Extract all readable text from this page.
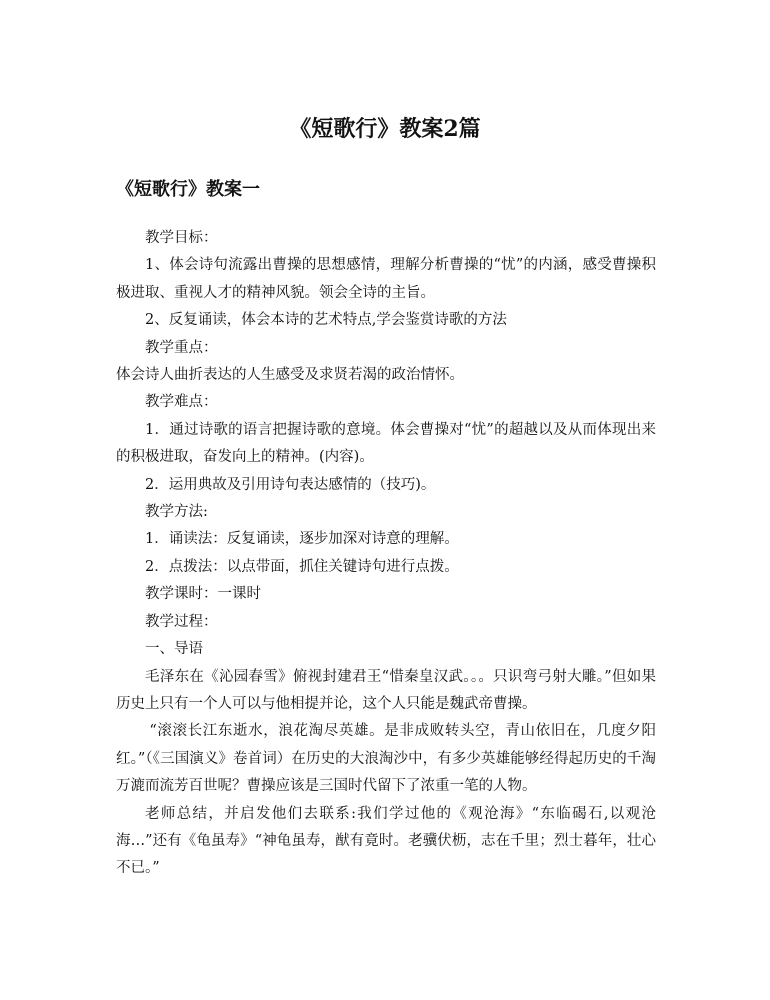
《短歌行》教案2篇
《短歌行》教案一

教学目标：

1、体会诗句流露出曹操的思想感情，理解分析曹操的“忧”的内涵，感受曹操积极进取、重视人才的精神风貌。领会全诗的主旨。

2、反复诵读，体会本诗的艺术特点,学会鉴赏诗歌的方法

教学重点：

体会诗人曲折表达的人生感受及求贤若渴的政治情怀。

教学难点：

1．通过诗歌的语言把握诗歌的意境。体会曹操对“忧”的超越以及从而体现出来的积极进取，奋发向上的精神。(内容)。

2．运用典故及引用诗句表达感情的（技巧)。

教学方法:

1．诵读法：反复诵读，逐步加深对诗意的理解。

2．点拨法：以点带面，抓住关键诗句进行点拨。

教学课时：一课时

教学过程：

一、导语

毛泽东在《沁园春雪》俯视封建君王“惜秦皇汉武。。。只识弯弓射大雕。”但如果历史上只有一个人可以与他相提并论，这个人只能是魏武帝曹操。

“滚滚长江东逝水，浪花淘尽英雄。是非成败转头空，青山依旧在，几度夕阳红。”（《三国演义》卷首词）在历史的大浪淘沙中，有多少英雄能够经得起历史的千淘万漉而流芳百世呢？曹操应该是三国时代留下了浓重一笔的人物。

老师总结，并启发他们去联系:我们学过他的《观沧海》“东临碣石,以观沧海…”还有《龟虽寿》“神龟虽寿，猷有竟时。老骥伏枥，志在千里；烈士暮年，壮心不已。”
